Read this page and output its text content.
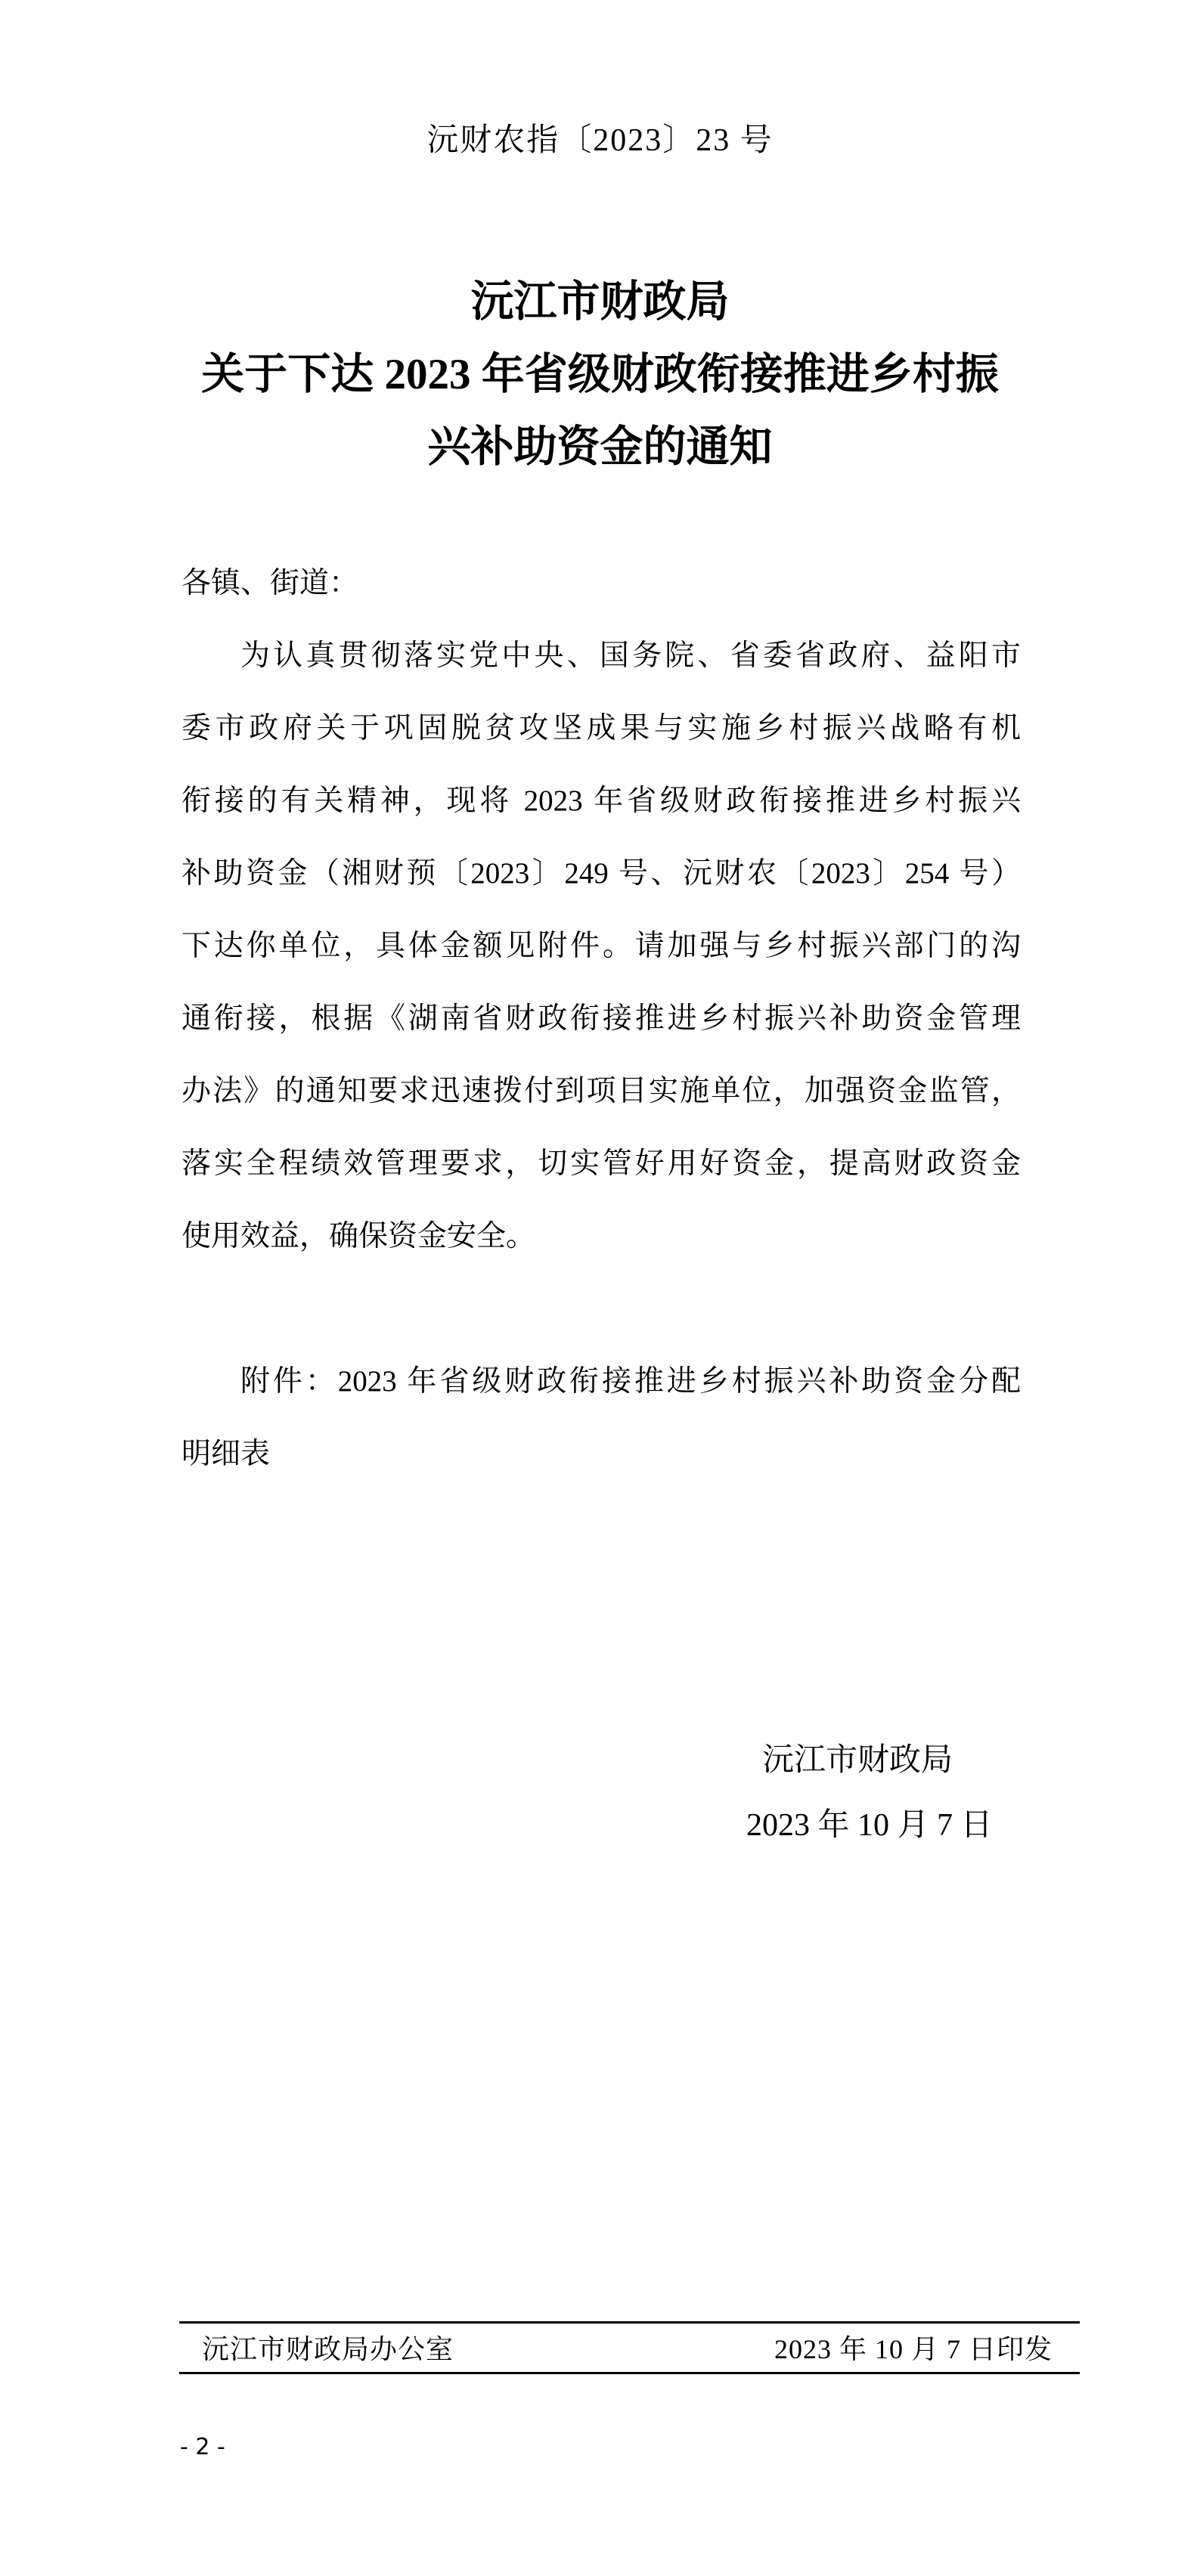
沅财农指〔2023〕23 号
沅江市财政局
关于下达 2023 年省级财政衔接推进乡村振
兴补助资金的通知
各镇、街道：
为认真贯彻落实党中央、国务院、省委省政府、益阳市
委市政府关于巩固脱贫攻坚成果与实施乡村振兴战略有机
衔接的有关精神，现将 2023 年省级财政衔接推进乡村振兴
补助资金（湘财预〔2023〕249 号、沅财农〔2023〕254 号）
下达你单位，具体金额见附件。请加强与乡村振兴部门的沟
通衔接，根据《湖南省财政衔接推进乡村振兴补助资金管理
办法》的通知要求迅速拨付到项目实施单位，加强资金监管，
落实全程绩效管理要求，切实管好用好资金，提高财政资金
使用效益，确保资金安全。
附件：2023 年省级财政衔接推进乡村振兴补助资金分配
明细表
沅江市财政局
2023 年 10 月 7 日
沅江市财政局办公室	2023 年 10 月 7 日印发
- 2 -
